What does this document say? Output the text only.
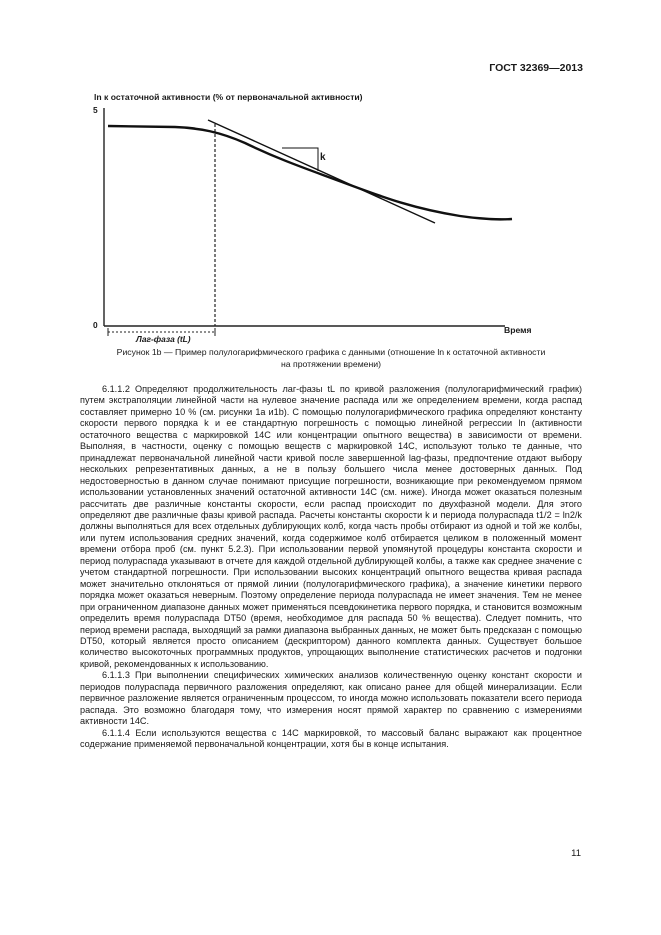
ГОСТ 32369—2013
ln к остаточной активности (% от первоначальной активности)
5
0	Время
Лаг-фаза (tL)
k
Рисунок 1b — Пример полулогарифмического графика с данными (отношение ln к остаточной активности
на протяжении времени)

6.1.1.2 Определяют продолжительность лаг-фазы tL по кривой разложения (полулогарифмический график) путем экстраполяции линейной части на нулевое значение распада или же определением времени, когда распад составляет примерно 10 % (см. рисунки 1а и1b). С помощью полулогарифмического графика определяют константу скорости первого порядка k и ее стандартную погрешность с помощью линейной регрессии ln (активности остаточного вещества с маркировкой 14C или концентрации опытного вещества) в зависимости от времени. Выполняя, в частности, оценку с помощью веществ с маркировкой 14C, используют только те данные, что принадлежат первоначальной линейной части кривой после завершенной lag-фазы, предпочтение отдают выбору нескольких репрезентативных данных, а не в пользу большего числа менее достоверных данных. Под недостоверностью в данном случае понимают присущие погрешности, возникающие при рекомендуемом прямом использовании установленных значений остаточной активности 14C (см. ниже). Иногда может оказаться полезным рассчитать две различные константы скорости, если распад происходит по двухфазной модели. Для этого определяют две различные фазы кривой распада. Расчеты константы скорости k и периода полураспада t1/2 = ln2/k должны выполняться для всех отдельных дублирующих колб, когда часть пробы отбирают из одной и той же колбы, или путем использования средних значений, когда содержимое колб отбирается целиком в положенный момент времени отбора проб (см. пункт 5.2.3). При использовании первой упомянутой процедуры константа скорости и период полураспада указывают в отчете для каждой отдельной дублирующей колбы, а также как среднее значение с учетом стандартной погрешности. При использовании высоких концентраций опытного вещества кривая распада может значительно отклоняться от прямой линии (полулогарифмического графика), а значение кинетики первого порядка может оказаться неверным. Поэтому определение периода полураспада не имеет значения. Тем не менее при ограниченном диапазоне данных может применяться псевдокинетика первого порядка, и становится возможным определить время полураспада DT50 (время, необходимое для распада 50 % вещества). Следует помнить, что период времени распада, выходящий за рамки диапазона выбранных данных, не может быть предсказан с помощью DT50, который является просто описанием (дескриптором) данного комплекта данных. Существует большое количество высокоточных программных продуктов, упрощающих выполнение статистических расчетов и подгонки кривой, рекомендованных к использованию.

6.1.1.3 При выполнении специфических химических анализов количественную оценку констант скорости и периодов полураспада первичного разложения определяют, как описано ранее для общей минерализации. Если первичное разложение является ограниченным процессом, то иногда можно использовать показатели всего периода распада. Это возможно благодаря тому, что измерения носят прямой характер по сравнению с измерениями активности 14C.

6.1.1.4 Если используются вещества с 14C маркировкой, то массовый баланс выражают как процентное содержание применяемой первоначальной концентрации, хотя бы в конце испытания.

11
